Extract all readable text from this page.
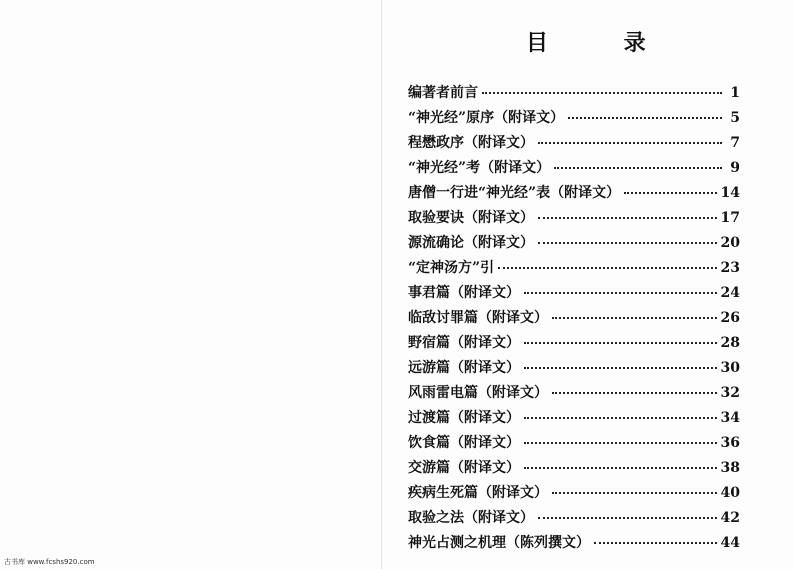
目 录
编著者前言	1
“神光经”原序（附译文）	5
程懋政序（附译文）	7
“神光经”考（附译文）	9
唐僧一行进“神光经”表（附译文）	14
取验要诀（附译文）	17
源流确论（附译文）	20
“定神汤方”引	23
事君篇（附译文）	24
临敌讨罪篇（附译文）	26
野宿篇（附译文）	28
远游篇（附译文）	30
风雨雷电篇（附译文）	32
过渡篇（附译文）	34
饮食篇（附译文）	36
交游篇（附译文）	38
疾病生死篇（附译文）	40
取验之法（附译文）	42
神光占测之机理（陈列撰文）	44
古书库 www.fcshs920.com
